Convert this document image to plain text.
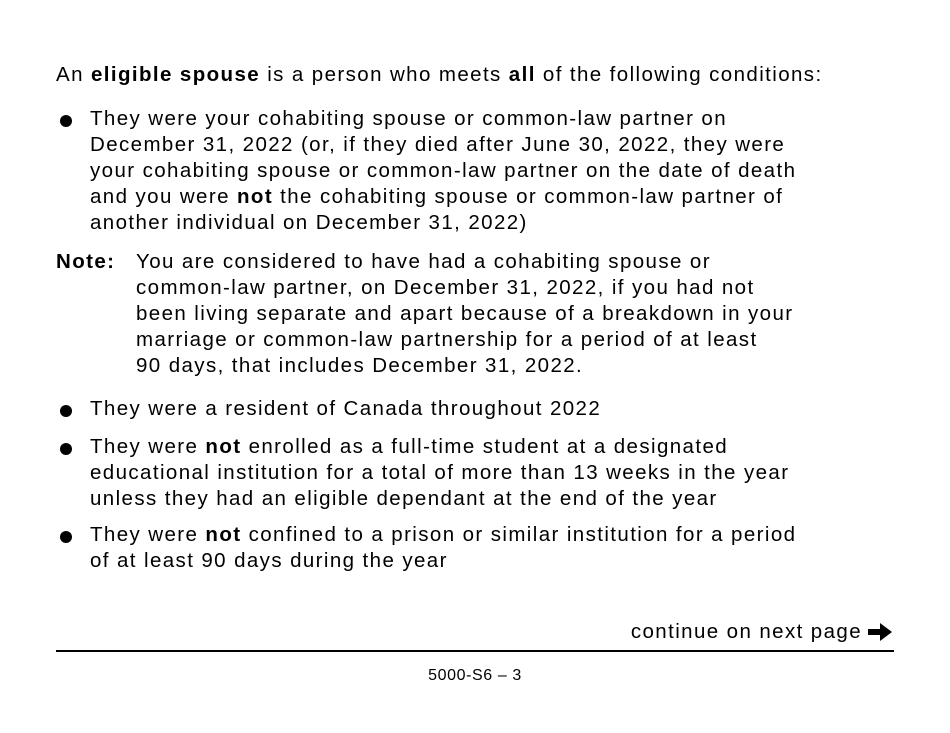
An eligible spouse is a person who meets all of the following conditions:
They were your cohabiting spouse or common-law partner on
December 31, 2022 (or, if they died after June 30, 2022, they were
your cohabiting spouse or common-law partner on the date of death
and you were not the cohabiting spouse or common-law partner of
another individual on December 31, 2022)
Note: You are considered to have had a cohabiting spouse or
common-law partner, on December 31, 2022, if you had not
been living separate and apart because of a breakdown in your
marriage or common-law partnership for a period of at least
90 days, that includes December 31, 2022.
They were a resident of Canada throughout 2022
They were not enrolled as a full-time student at a designated
educational institution for a total of more than 13 weeks in the year
unless they had an eligible dependant at the end of the year
They were not confined to a prison or similar institution for a period
of at least 90 days during the year
continue on next page
5000-S6 – 3
